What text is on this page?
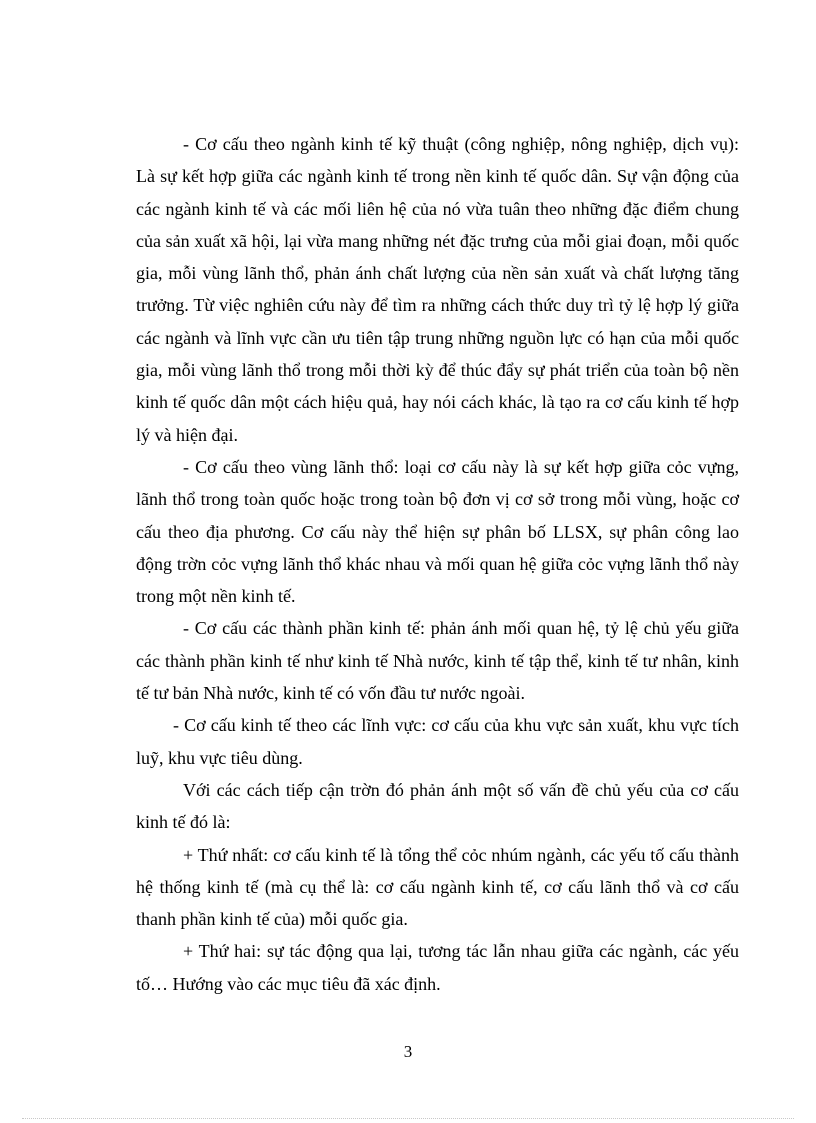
- Cơ cấu theo ngành kinh tế kỹ thuật (công nghiệp, nông nghiệp, dịch vụ): Là sự kết hợp giữa các ngành kinh tế trong nền kinh tế quốc dân. Sự vận động của các ngành kinh tế và các mối liên hệ của nó vừa tuân theo những đặc điểm chung của sản xuất xã hội, lại vừa mang những nét đặc trưng của mỗi giai đoạn, mỗi quốc gia, mỗi vùng lãnh thổ, phản ánh chất lượng của nền sản xuất và chất lượng tăng trưởng. Từ việc nghiên cứu này để tìm ra những cách thức duy trì tỷ lệ hợp lý giữa các ngành và lĩnh vực cần ưu tiên tập trung những nguồn lực có hạn của mỗi quốc gia, mỗi vùng lãnh thổ trong mỗi thời kỳ để thúc đẩy sự phát triển của toàn bộ nền kinh tế quốc dân một cách hiệu quả, hay nói cách khác, là tạo ra cơ cấu kinh tế hợp lý và hiện đại.

- Cơ cấu theo vùng lãnh thổ: loại cơ cấu này là sự kết hợp giữa cỏc vựng, lãnh thổ trong toàn quốc hoặc trong toàn bộ đơn vị cơ sở trong mỗi vùng, hoặc cơ cấu theo địa phương. Cơ cấu này thể hiện sự phân bố LLSX, sự phân công lao động trờn cỏc vựng lãnh thổ khác nhau và mối quan hệ giữa cỏc vựng lãnh thổ này trong một nền kinh tế.

- Cơ cấu các thành phần kinh tế: phản ánh mối quan hệ, tỷ lệ chủ yếu giữa các thành phần kinh tế như kinh tế Nhà nước, kinh tế tập thể, kinh tế tư nhân, kinh tế tư bản Nhà nước, kinh tế có vốn đầu tư nước ngoài.

- Cơ cấu kinh tế theo các lĩnh vực: cơ cấu của khu vực sản xuất, khu vực tích luỹ, khu vực tiêu dùng.

Với các cách tiếp cận trờn đó phản ánh một số vấn đề chủ yếu của cơ cấu kinh tế đó là:

+ Thứ nhất: cơ cấu kinh tế là tổng thể cỏc nhúm ngành, các yếu tố cấu thành hệ thống kinh tế (mà cụ thể là: cơ cấu ngành kinh tế, cơ cấu lãnh thổ và cơ cấu thanh phần kinh tế của) mỗi quốc gia.

+ Thứ hai: sự tác động qua lại, tương tác lẫn nhau giữa các ngành, các yếu tố… Hướng vào các mục tiêu đã xác định.

3
